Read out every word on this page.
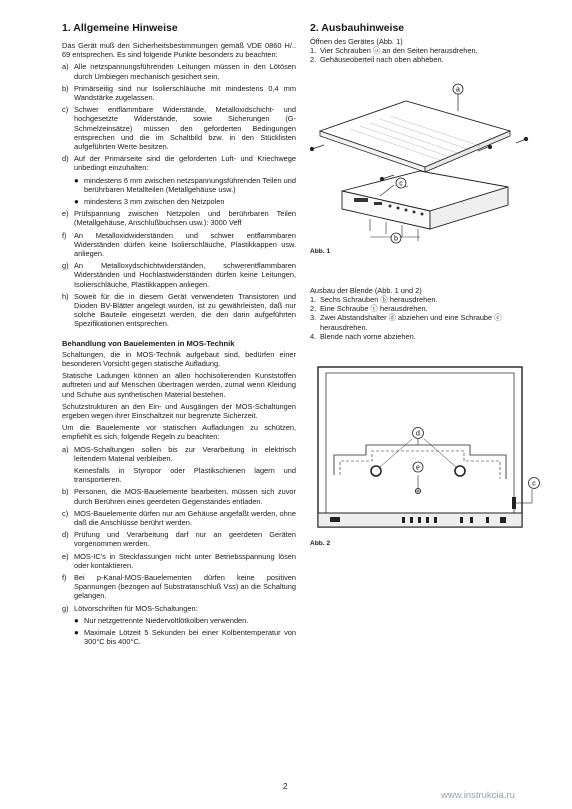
1. Allgemeine Hinweise

Das Gerät muß den Sicherheitsbestimmungen gemäß VDE 0860 H/.. 69 entsprechen. Es sind folgende Punkte besonders zu beachten:

a) Alle netzspannungsführenden Leitungen müssen in den Lötösen durch Umbiegen mechanisch gesichert sein.
b) Primärseitig sind nur Isolierschläuche mit mindestens 0,4 mm Wandstärke zugelassen.
c) Schwer entflammbare Widerstände, Metalloxidschicht- und hochgesetzte Widerstände, sowie Sicherungen (G-Schmelzeinsätze) müssen den geforderten Bedingungen entsprechen und die im Schaltbild bzw. in den Stücklisten aufgeführten Werte besitzen.
d) Auf der Primärseite sind die geforderten Luft- und Kriechwege unbedingt einzuhalten:
● mindestens 6 mm zwischen netzspannungsführenden Teilen und berührbaren Metallteilen (Metallgehäuse usw.)
● mindestens 3 mm zwischen den Netzpolen
e) Prüfspannung zwischen Netzpolen und berührbaren Teilen (Metallgehäuse, Anschlußbuchsen usw.): 3000 Veff
f)	An Metalloxidwiderständen und schwer entflammbaren Widerständen dürfen keine Isolierschläuche, Plastikkappen usw. anliegen.
g) An Metalloxydschichtwiderständen, schwerentflammbaren Widerständen und Hochlastwiderständen dürfen keine Leitungen, Isolierschläuche, Plastikkappen anliegen.
h) Soweit für die in diesem Gerät verwendeten Transistoren und Dioden BV-Blätter angelegt wurden, ist zu gewährleisten, daß nur solche Bauteile eingesetzt werden, die den darin aufgeführten Spezifikationen entsprechen.
Behandlung von Bauelementen in MOS-Technik

Schaltungen, die in MOS-Technik aufgebaut sind, bedürfen einer besonderen Vorsicht gegen statische Aufladung.

Statische Ladungen können an allen hochisolierenden Kunststoffen auftreten und auf Menschen übertragen werden, zumal wenn Kleidung und Schuhe aus synthetischen Material bestehen.

Schutzstrukturen an den Ein- und Ausgängen der MOS-Schaltungen ergeben wegen ihrer Einschaltzeit nur begrenzte Sicherzeit.

Um die Bauelemente vor statischen Aufladungen zu schützen, empfiehlt es sich, folgende Regeln zu beachten:

a) MOS-Schaltungen sollen bis zur Verarbeitung in elektrisch leitendem Material verbleiben.
Keinesfalls in Styropor oder Plastikschienen lagern und transportieren.
b) Personen, die MOS-Bauelemente bearbeiten, müssen sich zuvor durch Berühren eines geerdeten Gegenstandes entladen.
c) MOS-Bauelemente dürfen nur am Gehäuse angefaßt werden, ohne daß die Anschlüsse berührt werden.
d) Prüfung und Verarbeitung darf nur an geerdeten Geräten vorgenommen werden.
e) MOS-IC's in Steckfassungen nicht unter Betriebsspannung lösen oder kontaktieren.
f)	Bei p-Kanal-MOS-Bauelementen dürfen keine positiven Spannungen (bezogen auf Substratanschluß Vss) an die Schaltung gelangen.
g) Lötvorschriften für MOS-Schaltungen:
● Nur netzgetrennte Niedervoltlötkolben verwenden.
● Maximale Lötzeit 5 Sekunden bei einer Kolbentemperatur von 300°C bis 400°C.
2. Ausbauhinweise
Öffnen des Gerätes (Abb. 1)
1. Vier Schrauben ⓐ an den Seiten herausdrehen.
2. Gehäuseoberteil nach oben abheben.
a
c
b
Abb. 1
Ausbau der Blende (Abb. 1 und 2)
1. Sechs Schrauben ⓑ herausdrehen.
2. Eine Schraube ⓒ herausdrehen.
3. Zwei Abstandshalter ⓓ abziehen und eine Schraube ⓔ herausdrehen.
4. Blende nach vorne abziehen.
d
e
c
Abb. 2
2
www.instrukcia.ru
